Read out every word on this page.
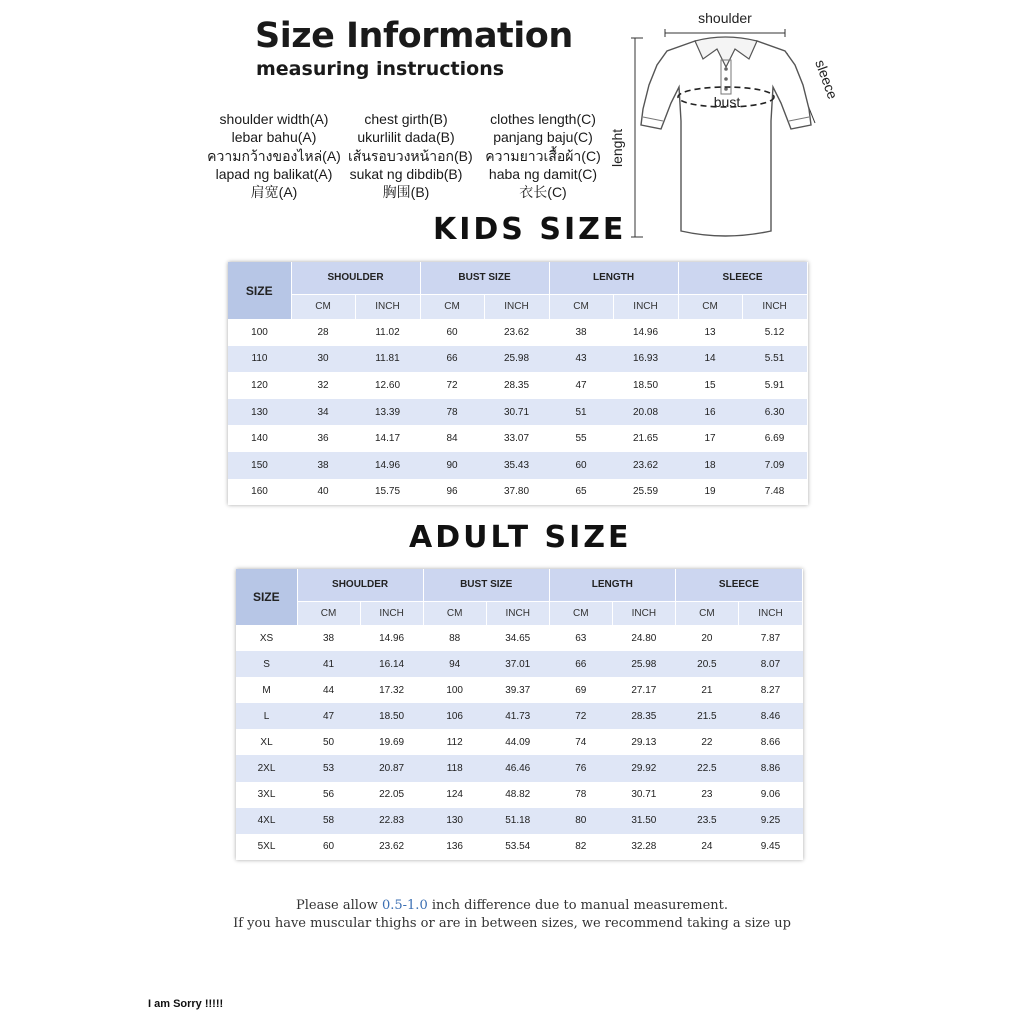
Size Information
measuring instructions
shoulder width(A)
lebar bahu(A)
ความกว้างของไหล่(A)
lapad ng balikat(A)
肩宽(A)
chest girth(B)
ukurlilit dada(B)
เส้นรอบวงหน้าอก(B)
sukat ng dibdib(B)
胸围(B)
clothes length(C)
panjang baju(C)
ความยาวเสื้อผ้า(C)
haba ng damit(C)
衣长(C)
shoulder
lenght
sleece
bust
KIDS SIZE
SIZE	SHOULDER		BUST SIZE		LENGTH		SLEECE	
	CM	INCH	CM	INCH	CM	INCH	CM	INCH
100	28	11.02	60	23.62	38	14.96	13	5.12
110	30	11.81	66	25.98	43	16.93	14	5.51
120	32	12.60	72	28.35	47	18.50	15	5.91
130	34	13.39	78	30.71	51	20.08	16	6.30
140	36	14.17	84	33.07	55	21.65	17	6.69
150	38	14.96	90	35.43	60	23.62	18	7.09
160	40	15.75	96	37.80	65	25.59	19	7.48
ADULT SIZE
SIZE	SHOULDER		BUST SIZE		LENGTH		SLEECE	
	CM	INCH	CM	INCH	CM	INCH	CM	INCH
XS	38	14.96	88	34.65	63	24.80	20	7.87
S	41	16.14	94	37.01	66	25.98	20.5	8.07
M	44	17.32	100	39.37	69	27.17	21	8.27
L	47	18.50	106	41.73	72	28.35	21.5	8.46
XL	50	19.69	112	44.09	74	29.13	22	8.66
2XL	53	20.87	118	46.46	76	29.92	22.5	8.86
3XL	56	22.05	124	48.82	78	30.71	23	9.06
4XL	58	22.83	130	51.18	80	31.50	23.5	9.25
5XL	60	23.62	136	53.54	82	32.28	24	9.45
Please allow 0.5-1.0 inch difference due to manual measurement.
If you have muscular thighs or are in between sizes, we recommend taking a size up
I am Sorry !!!!!
